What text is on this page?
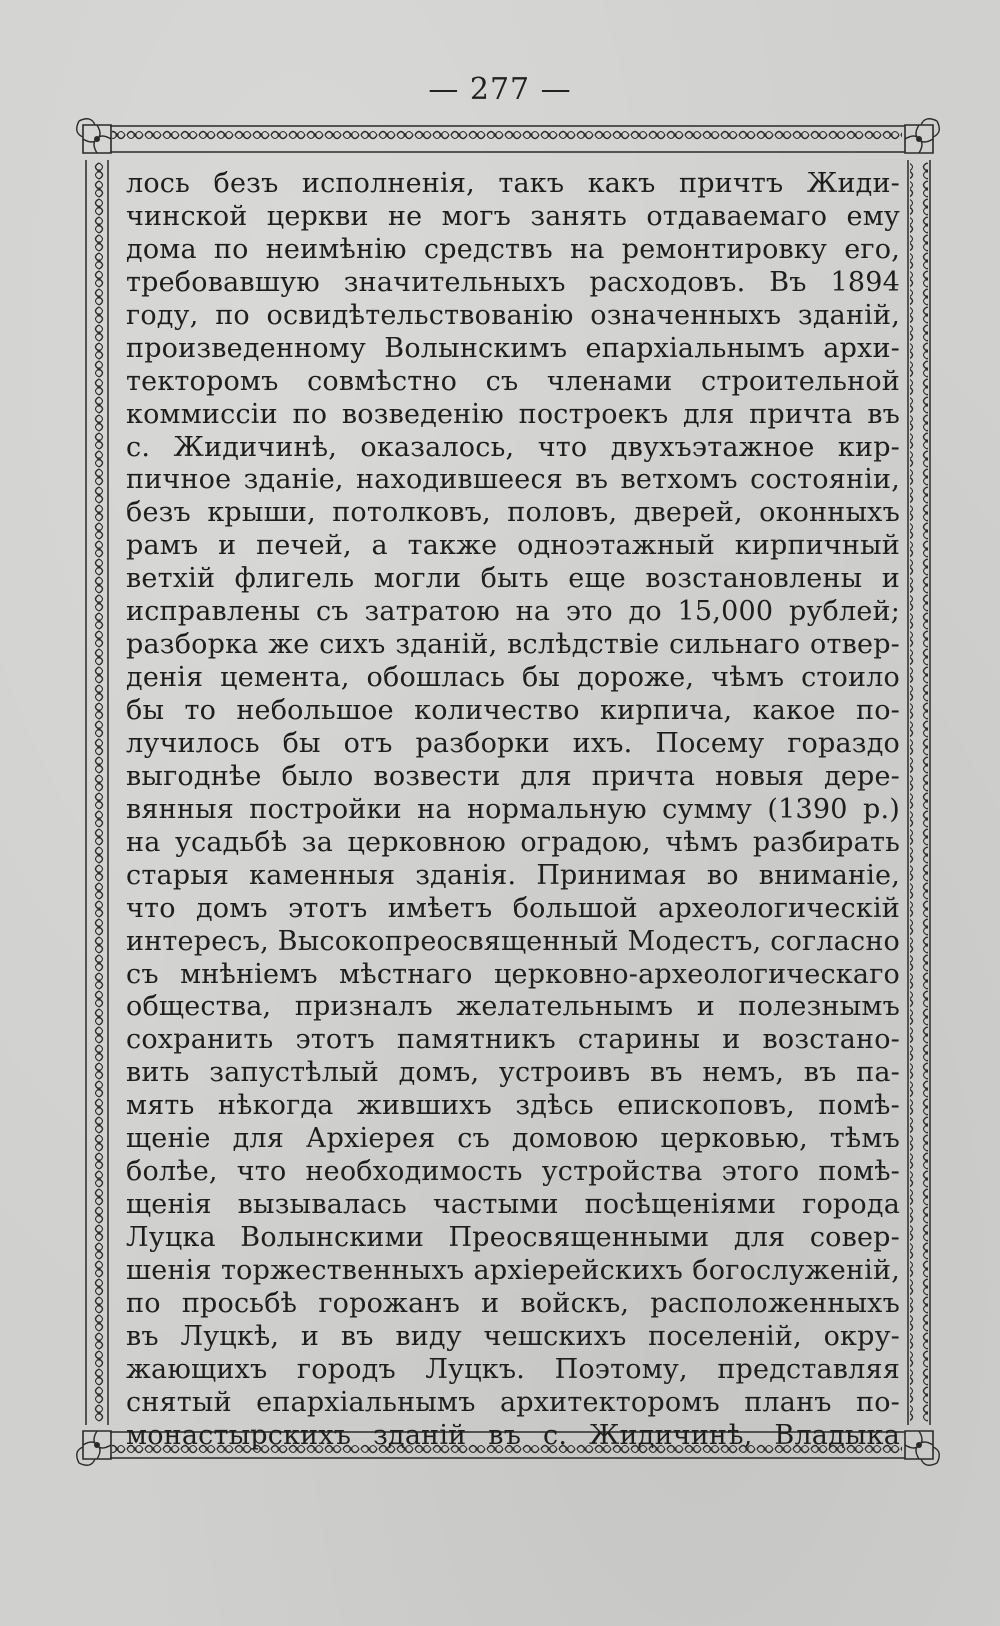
— 277 —
лось безъ исполненія, такъ какъ причтъ Жиди-
чинской церкви не могъ занять отдаваемаго ему
дома по неимѣнію средствъ на ремонтировку его,
требовавшую значительныхъ расходовъ. Въ 1894
году, по освидѣтельствованію означенныхъ зданій,
произведенному Волынскимъ епархіальнымъ архи-
текторомъ совмѣстно съ членами строительной
коммиссіи по возведенію построекъ для причта въ
с. Жидичинѣ, оказалось, что двухъэтажное кир-
пичное зданіе, находившееся въ ветхомъ состояніи,
безъ крыши, потолковъ, половъ, дверей, оконныхъ
рамъ и печей, а также одноэтажный кирпичный
ветхій флигель могли быть еще возстановлены и
исправлены съ затратою на это до 15,000 рублей;
разборка же сихъ зданій, вслѣдствіе сильнаго отвер-
денія цемента, обошлась бы дороже, чѣмъ стоило
бы то небольшое количество кирпича, какое по-
лучилось бы отъ разборки ихъ. Посему гораздо
выгоднѣе было возвести для причта новыя дере-
вянныя постройки на нормальную сумму (1390 р.)
на усадьбѣ за церковною оградою, чѣмъ разбирать
старыя каменныя зданія. Принимая во вниманіе,
что домъ этотъ имѣетъ большой археологическій
интересъ, Высокопреосвященный Модестъ, согласно
съ мнѣніемъ мѣстнаго церковно-археологическаго
общества, призналъ желательнымъ и полезнымъ
сохранить этотъ памятникъ старины и возстано-
вить запустѣлый домъ, устроивъ въ немъ, въ па-
мять нѣкогда жившихъ здѣсь епископовъ, помѣ-
щеніе для Архіерея съ домовою церковью, тѣмъ
болѣе, что необходимость устройства этого помѣ-
щенія вызывалась частыми посѣщеніями города
Луцка Волынскими Преосвященными для совер-
шенія торжественныхъ архіерейскихъ богослуженій,
по просьбѣ горожанъ и войскъ, расположенныхъ
въ Луцкѣ, и въ виду чешскихъ поселеній, окру-
жающихъ городъ Луцкъ. Поэтому, представляя
снятый епархіальнымъ архитекторомъ планъ по-
монастырскихъ зданій въ с. Жидичинѣ, Владыка
